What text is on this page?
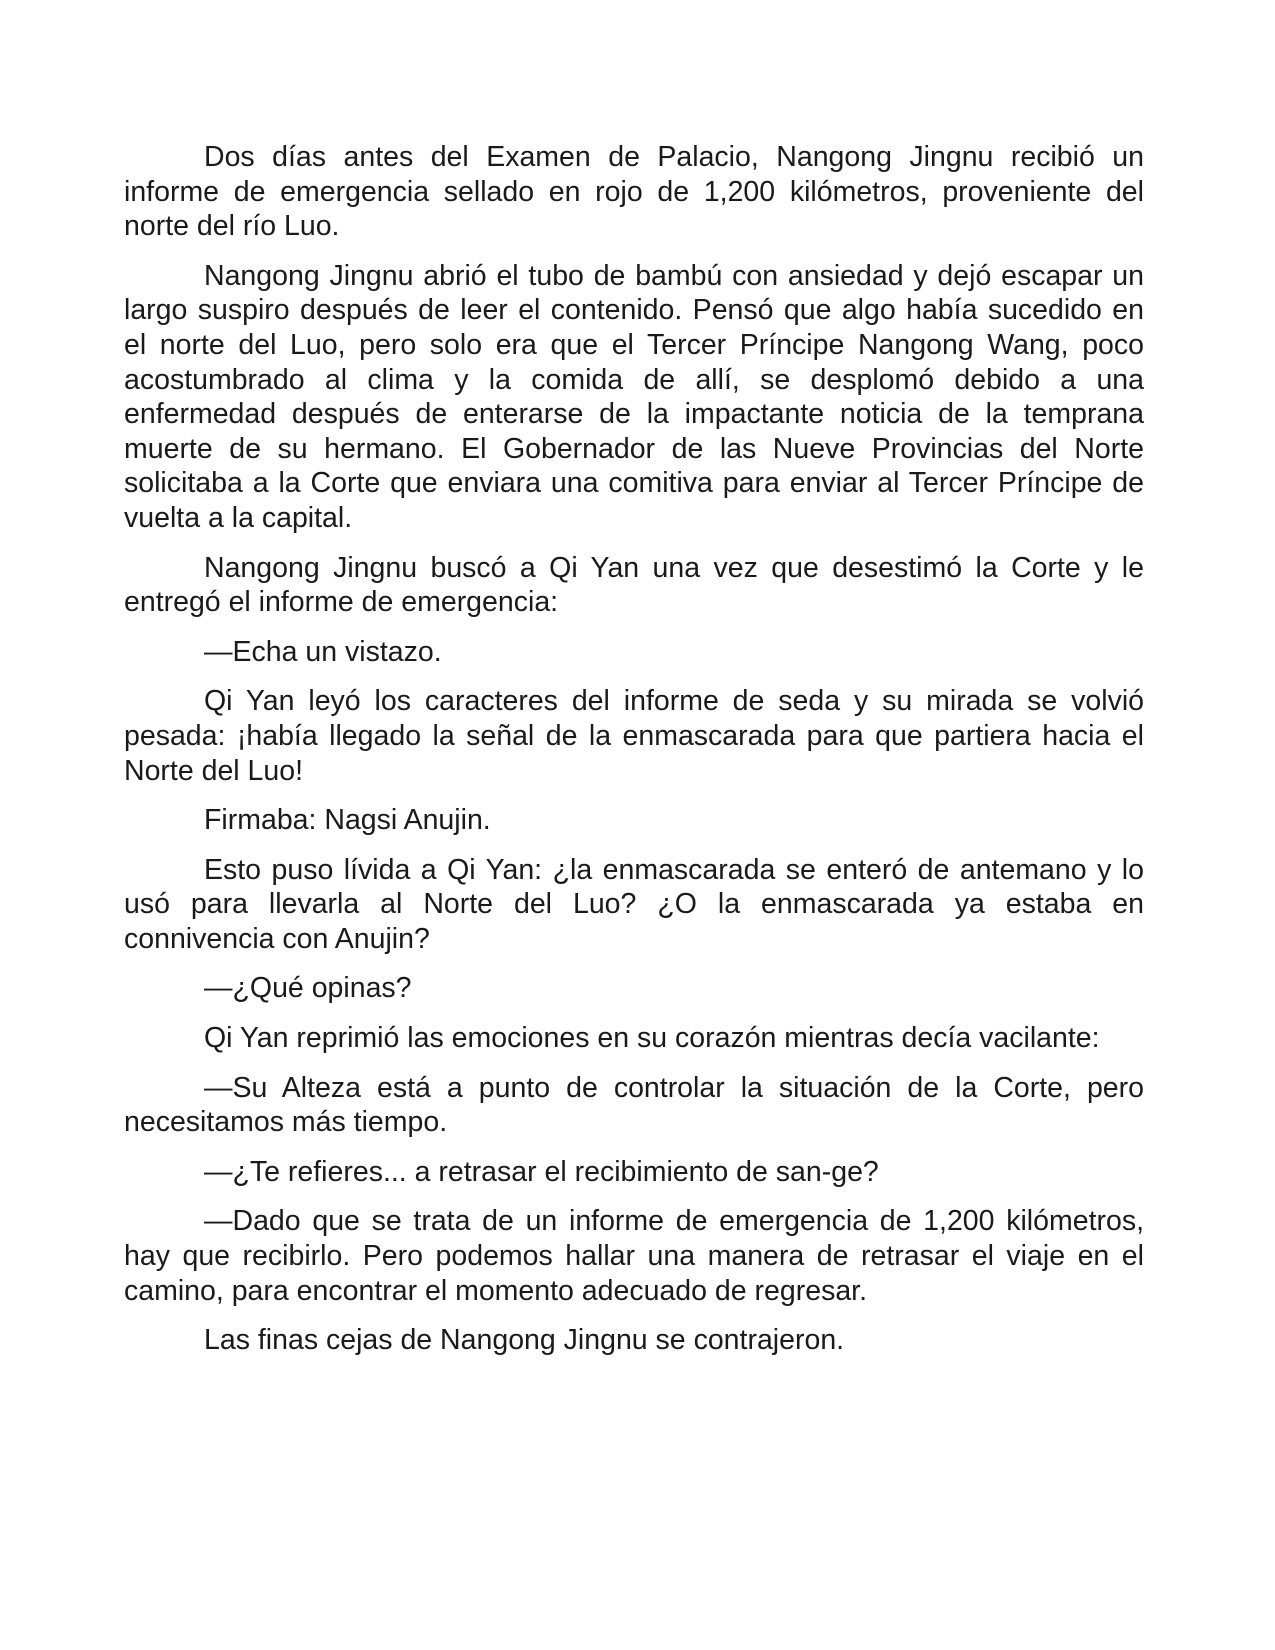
Dos días antes del Examen de Palacio, Nangong Jingnu recibió un informe de emergencia sellado en rojo de 1,200 kilómetros, proveniente del norte del río Luo.

Nangong Jingnu abrió el tubo de bambú con ansiedad y dejó escapar un largo suspiro después de leer el contenido. Pensó que algo había sucedido en el norte del Luo, pero solo era que el Tercer Príncipe Nangong Wang, poco acostumbrado al clima y la comida de allí, se desplomó debido a una enfermedad después de enterarse de la impactante noticia de la temprana muerte de su hermano. El Gobernador de las Nueve Provincias del Norte solicitaba a la Corte que enviara una comitiva para enviar al Tercer Príncipe de vuelta a la capital.

Nangong Jingnu buscó a Qi Yan una vez que desestimó la Corte y le entregó el informe de emergencia:

—Echa un vistazo.

Qi Yan leyó los caracteres del informe de seda y su mirada se volvió pesada: ¡había llegado la señal de la enmascarada para que partiera hacia el Norte del Luo!

Firmaba: Nagsi Anujin.

Esto puso lívida a Qi Yan: ¿la enmascarada se enteró de antemano y lo usó para llevarla al Norte del Luo? ¿O la enmascarada ya estaba en connivencia con Anujin?

—¿Qué opinas?

Qi Yan reprimió las emociones en su corazón mientras decía vacilante:

—Su Alteza está a punto de controlar la situación de la Corte, pero necesitamos más tiempo.

—¿Te refieres... a retrasar el recibimiento de san-ge?

—Dado que se trata de un informe de emergencia de 1,200 kilómetros, hay que recibirlo. Pero podemos hallar una manera de retrasar el viaje en el camino, para encontrar el momento adecuado de regresar.

Las finas cejas de Nangong Jingnu se contrajeron.
